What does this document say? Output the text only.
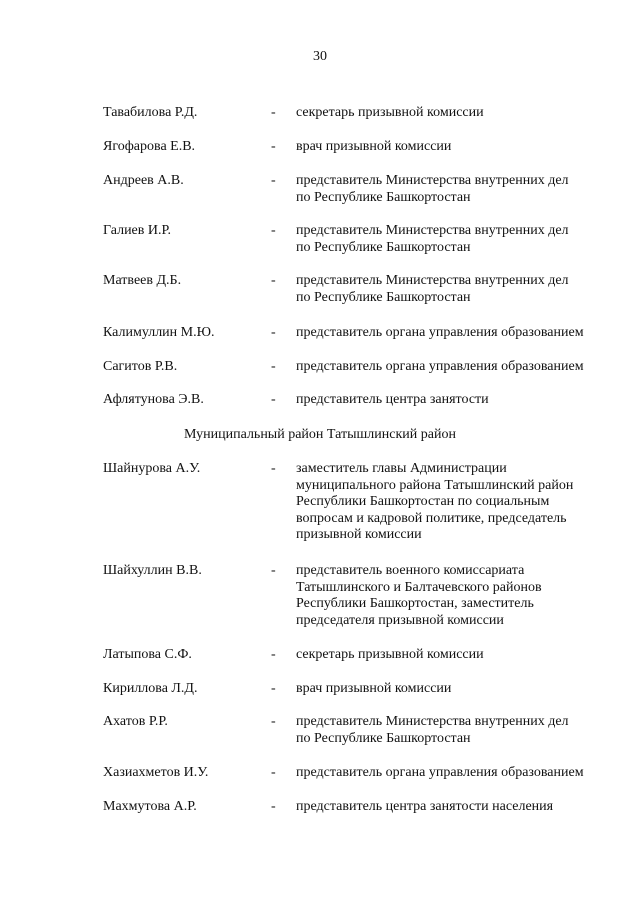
30
Тавабилова Р.Д.	- секретарь призывной комиссии
Ягофарова Е.В.	- врач призывной комиссии
Андреев А.В.	- представитель Министерства внутренних дел
по Республике Башкортостан
Галиев И.Р.	- представитель Министерства внутренних дел
по Республике Башкортостан
Матвеев Д.Б.	- представитель Министерства внутренних дел
по Республике Башкортостан
Калимуллин М.Ю.	- представитель органа управления образованием
Сагитов Р.В.	- представитель органа управления образованием
Афлятунова Э.В.	- представитель центра занятости
Муниципальный район Татышлинский район
Шайнурова А.У.	- заместитель главы Администрации
муниципального района Татышлинский район
Республики Башкортостан по социальным
вопросам и кадровой политике, председатель
призывной комиссии
Шайхуллин В.В.	- представитель военного комиссариата
Татышлинского и Балтачевского районов
Республики Башкортостан, заместитель
председателя призывной комиссии
Латыпова С.Ф.	- секретарь призывной комиссии
Кириллова Л.Д.	- врач призывной комиссии
Ахатов Р.Р.	- представитель Министерства внутренних дел
по Республике Башкортостан
Хазиахметов И.У.	- представитель органа управления образованием
Махмутова А.Р.	- представитель центра занятости населения
